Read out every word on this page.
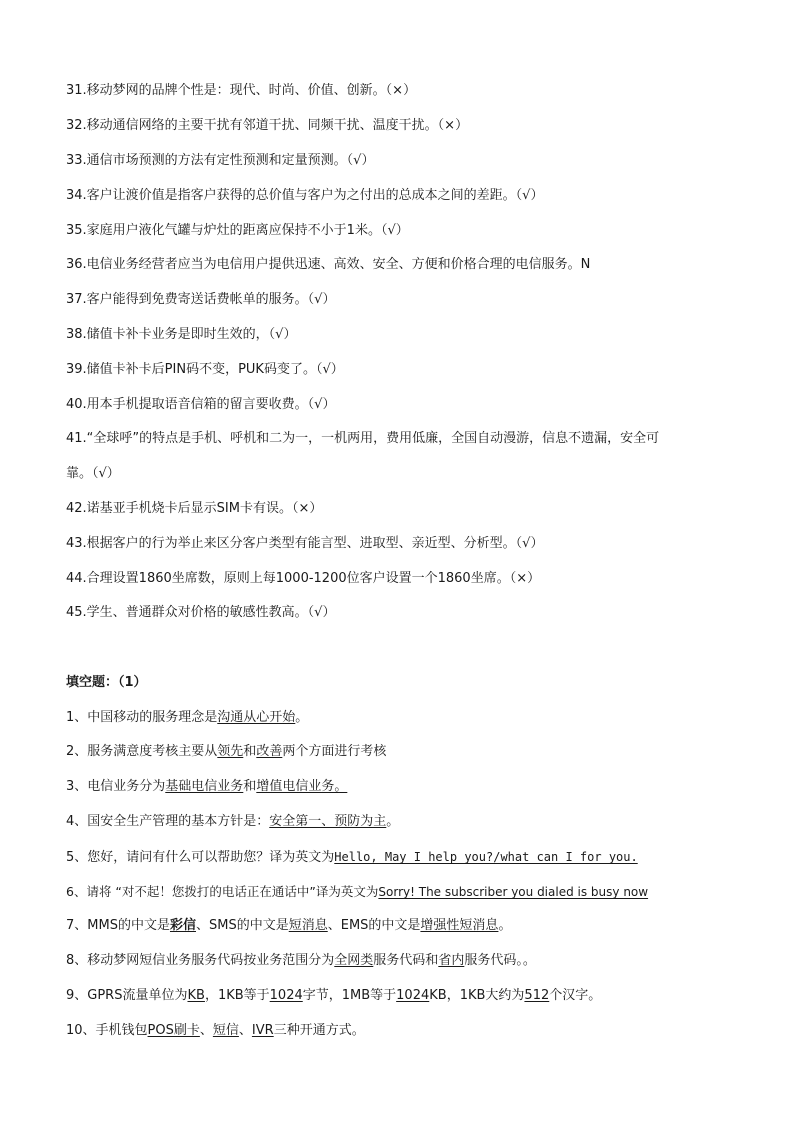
31.移动梦网的品牌个性是：现代、时尚、价值、创新。（×）
32.移动通信网络的主要干扰有邻道干扰、同频干扰、温度干扰。（×）
33.通信市场预测的方法有定性预测和定量预测。（√）
34.客户让渡价值是指客户获得的总价值与客户为之付出的总成本之间的差距。（√）
35.家庭用户液化气罐与炉灶的距离应保持不小于1米。（√）
36.电信业务经营者应当为电信用户提供迅速、高效、安全、方便和价格合理的电信服务。N
37.客户能得到免费寄送话费帐单的服务。（√）
38.储值卡补卡业务是即时生效的，（√）
39.储值卡补卡后PIN码不变，PUK码变了。（√）
40.用本手机提取语音信箱的留言要收费。（√）
41.“全球呼”的特点是手机、呼机和二为一，一机两用，费用低廉，全国自动漫游，信息不遗漏，安全可
靠。（√）
42.诺基亚手机烧卡后显示SIM卡有误。（×）
43.根据客户的行为举止来区分客户类型有能言型、进取型、亲近型、分析型。（√）
44.合理设置1860坐席数，原则上每1000-1200位客户设置一个1860坐席。（×）
45.学生、普通群众对价格的敏感性教高。（√）
填空题：（1）
1、中国移动的服务理念是沟通从心开始。
2、服务满意度考核主要从领先和改善两个方面进行考核
3、电信业务分为基础电信业务和增值电信业务。
4、国安全生产管理的基本方针是：安全第一、预防为主。
5、您好，请问有什么可以帮助您？译为英文为Hello, May I help you?/what can I for you.
6、请将 “对不起！您拨打的电话正在通话中”译为英文为Sorry! The subscriber you dialed is busy now
7、MMS的中文是彩信、SMS的中文是短消息、EMS的中文是增强性短消息。
8、移动梦网短信业务服务代码按业务范围分为全网类服务代码和省内服务代码。。
9、GPRS流量单位为KB，1KB等于1024字节，1MB等于1024KB，1KB大约为512个汉字。
10、手机钱包POS刷卡、短信、IVR三种开通方式。
